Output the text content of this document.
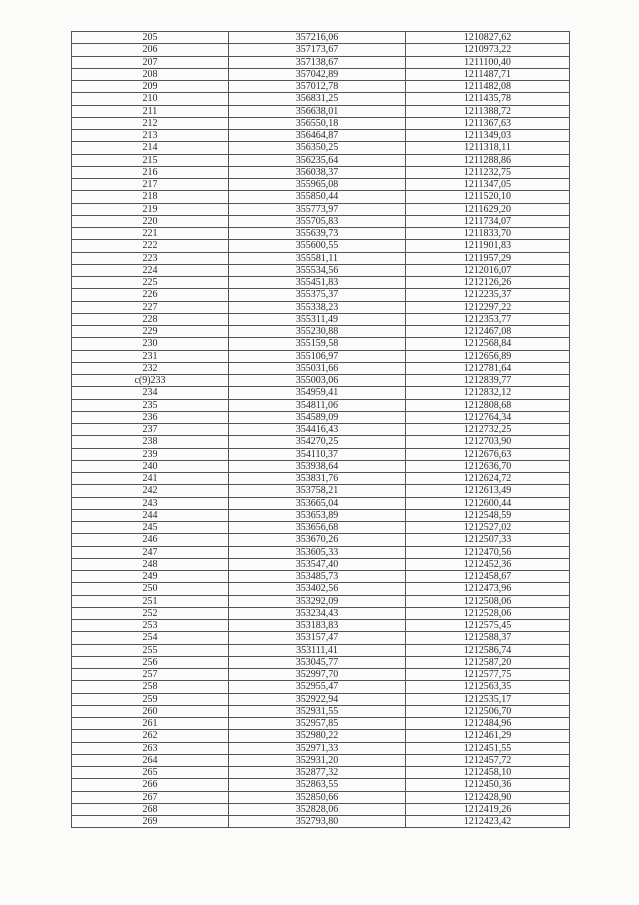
205	357216,06	1210827,62
206	357173,67	1210973,22
207	357138,67	1211100,40
208	357042,89	1211487,71
209	357012,78	1211482,08
210	356831,25	1211435,78
211	356638,01	1211388,72
212	356550,18	1211367,63
213	356464,87	1211349,03
214	356350,25	1211318,11
215	356235,64	1211288,86
216	356038,37	1211232,75
217	355965,08	1211347,05
218	355850,44	1211520,10
219	355773,97	1211629,20
220	355705,83	1211734,07
221	355639,73	1211833,70
222	355600,55	1211901,83
223	355581,11	1211957,29
224	355534,56	1212016,07
225	355451,83	1212126,26
226	355375,37	1212235,37
227	355338,23	1212297,22
228	355311,49	1212353,77
229	355230,88	1212467,08
230	355159,58	1212568,84
231	355106,97	1212656,89
232	355031,66	1212781,64
c(9)233	355003,06	1212839,77
234	354959,41	1212832,12
235	354811,06	1212808,68
236	354589,09	1212764,34
237	354416,43	1212732,25
238	354270,25	1212703,90
239	354110,37	1212676,63
240	353938,64	1212636,70
241	353831,76	1212624,72
242	353758,21	1212613,49
243	353665,04	1212600,44
244	353653,89	1212548,59
245	353656,68	1212527,02
246	353670,26	1212507,33
247	353605,33	1212470,56
248	353547,40	1212452,36
249	353485,73	1212458,67
250	353402,56	1212473,96
251	353292,09	1212508,06
252	353234,43	1212528,06
253	353183,83	1212575,45
254	353157,47	1212588,37
255	353111,41	1212586,74
256	353045,77	1212587,20
257	352997,70	1212577,75
258	352955,47	1212563,35
259	352922,94	1212535,17
260	352931,55	1212506,70
261	352957,85	1212484,96
262	352980,22	1212461,29
263	352971,33	1212451,55
264	352931,20	1212457,72
265	352877,32	1212458,10
266	352863,55	1212450,36
267	352850,66	1212428,90
268	352828,06	1212419,26
269	352793,80	1212423,42
